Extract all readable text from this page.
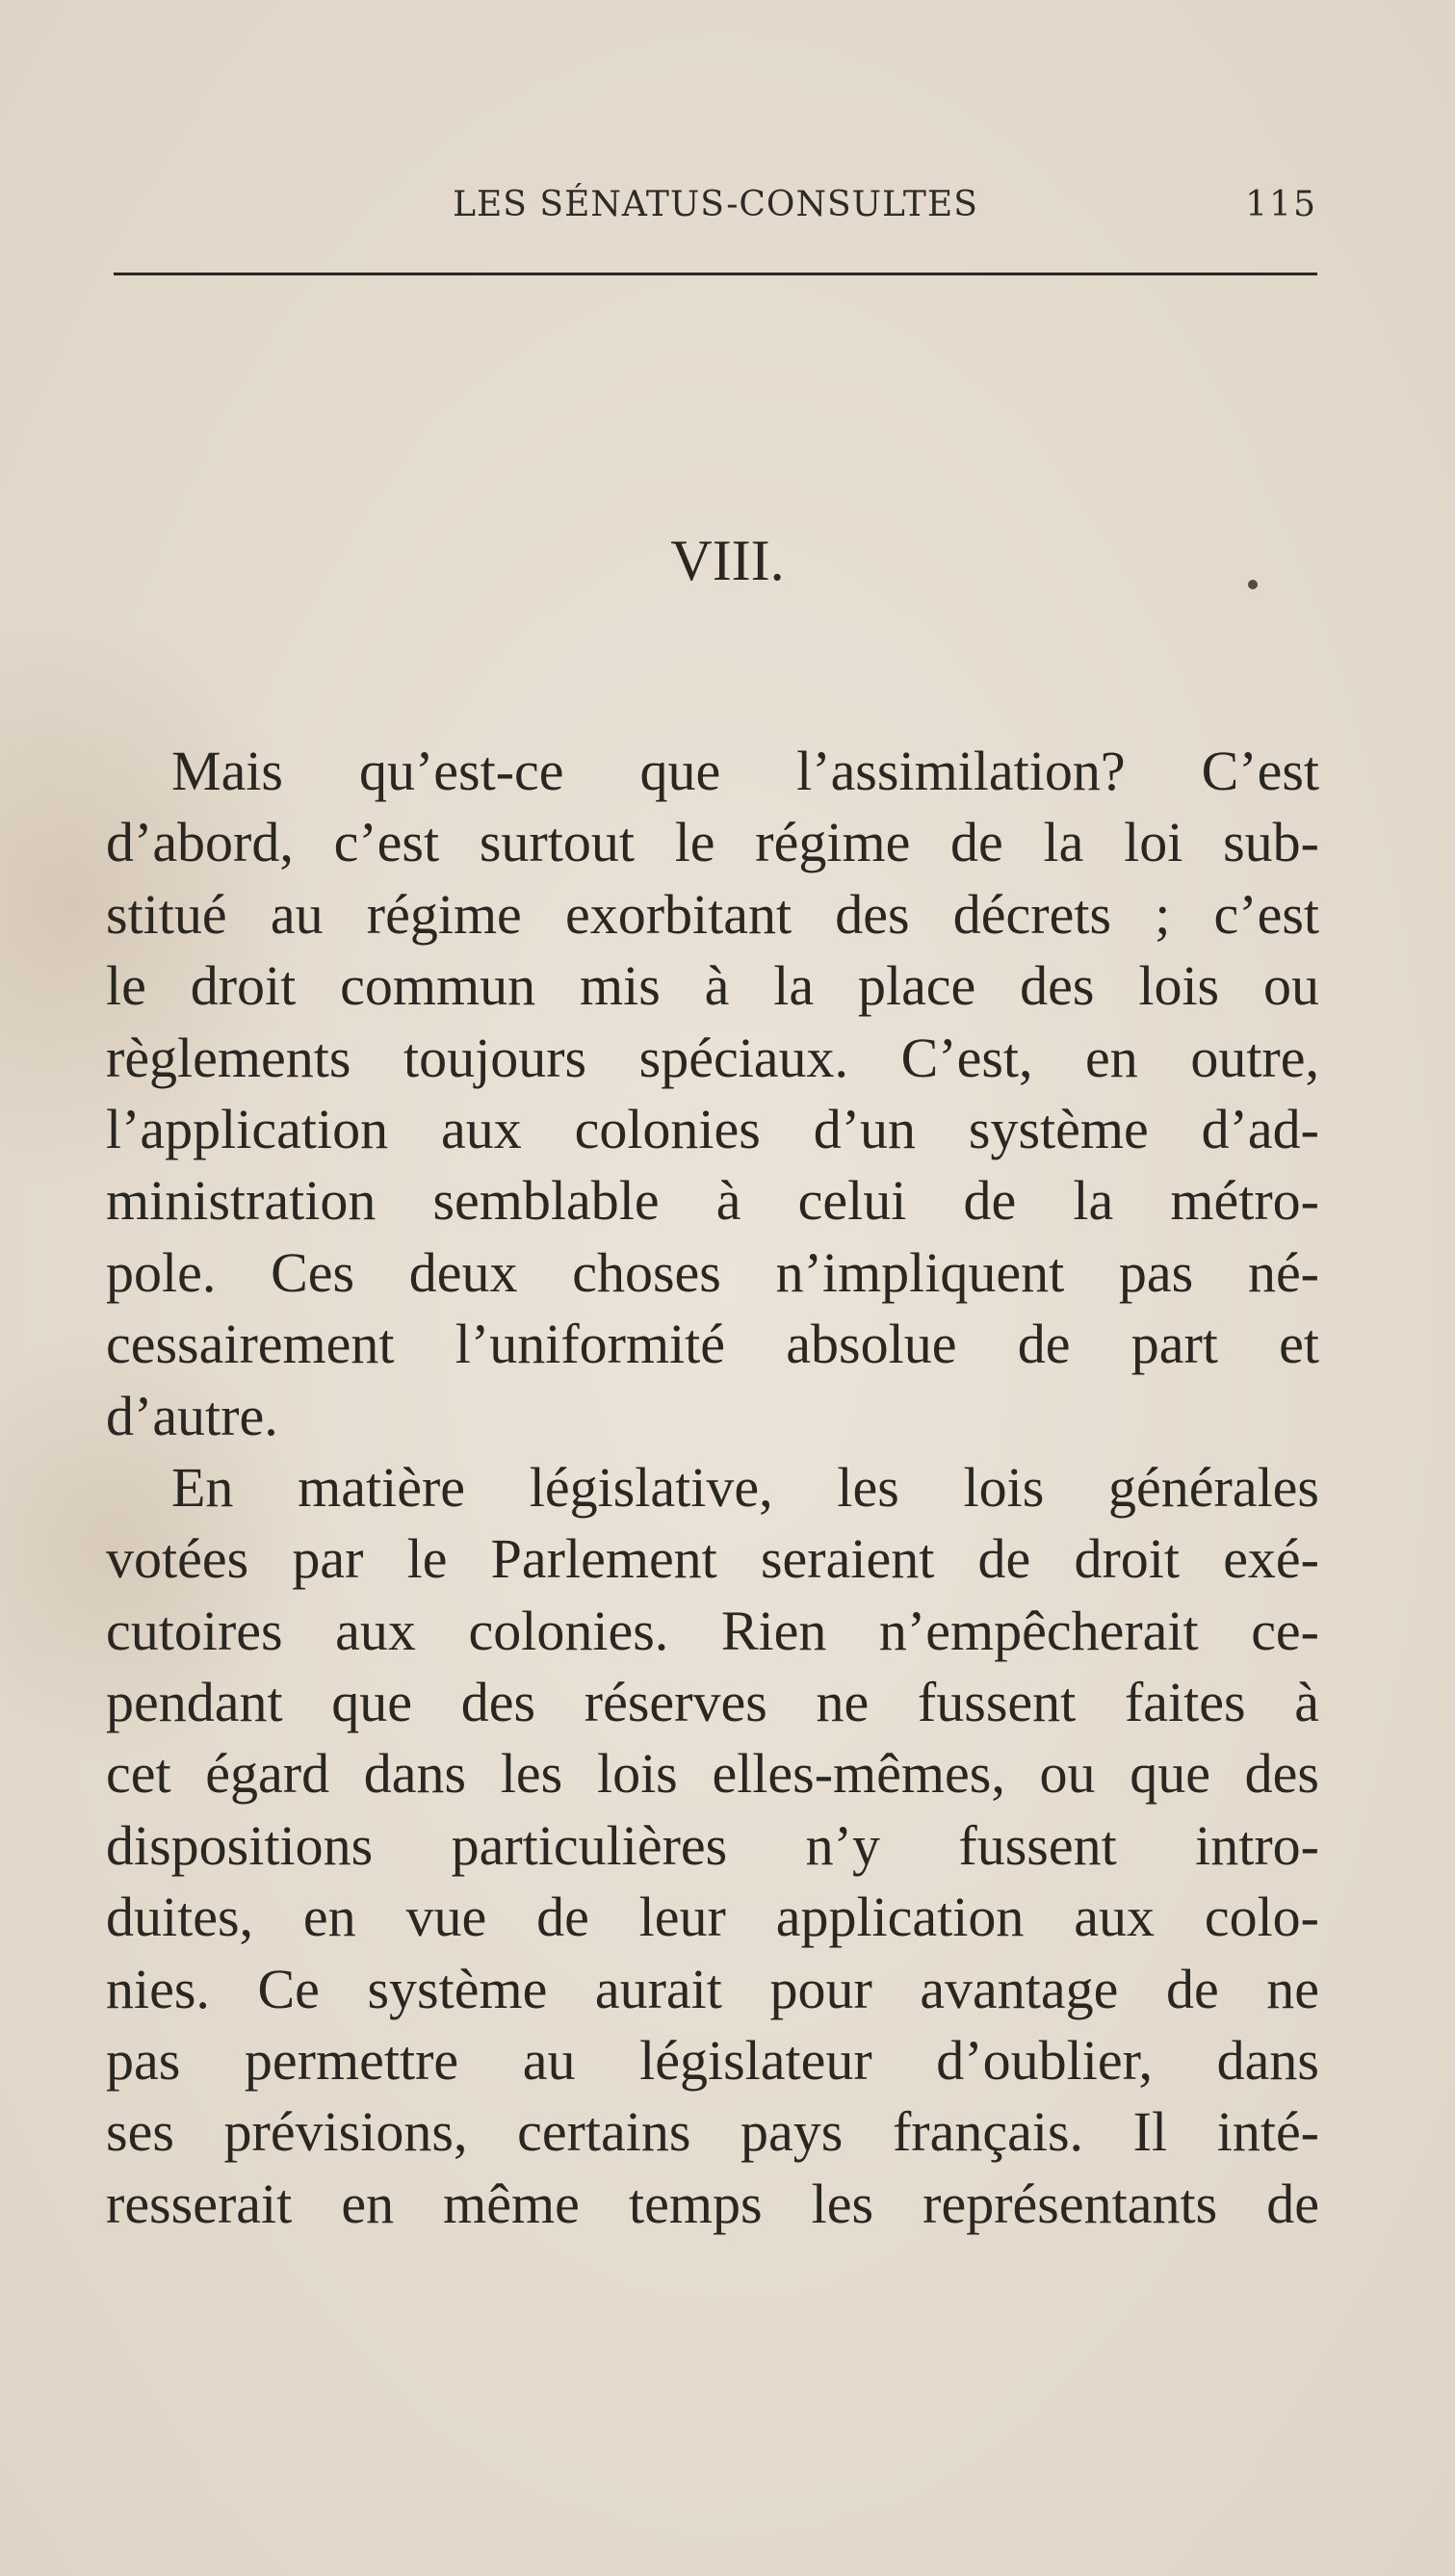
LES SÉNATUS-CONSULTES	115
VIII.
Mais qu’est-ce que l’assimilation? C’est
d’abord, c’est surtout le régime de la loi sub-
stitué au régime exorbitant des décrets ; c’est
le droit commun mis à la place des lois ou
règlements toujours spéciaux. C’est, en outre,
l’application aux colonies d’un système d’ad-
ministration semblable à celui de la métro-
pole. Ces deux choses n’impliquent pas né-
cessairement l’uniformité absolue de part et
d’autre.
En matière législative, les lois générales
votées par le Parlement seraient de droit exé-
cutoires aux colonies. Rien n’empêcherait ce-
pendant que des réserves ne fussent faites à
cet égard dans les lois elles-mêmes, ou que des
dispositions particulières n’y fussent intro-
duites, en vue de leur application aux colo-
nies. Ce système aurait pour avantage de ne
pas permettre au législateur d’oublier, dans
ses prévisions, certains pays français. Il inté-
resserait en même temps les représentants de
